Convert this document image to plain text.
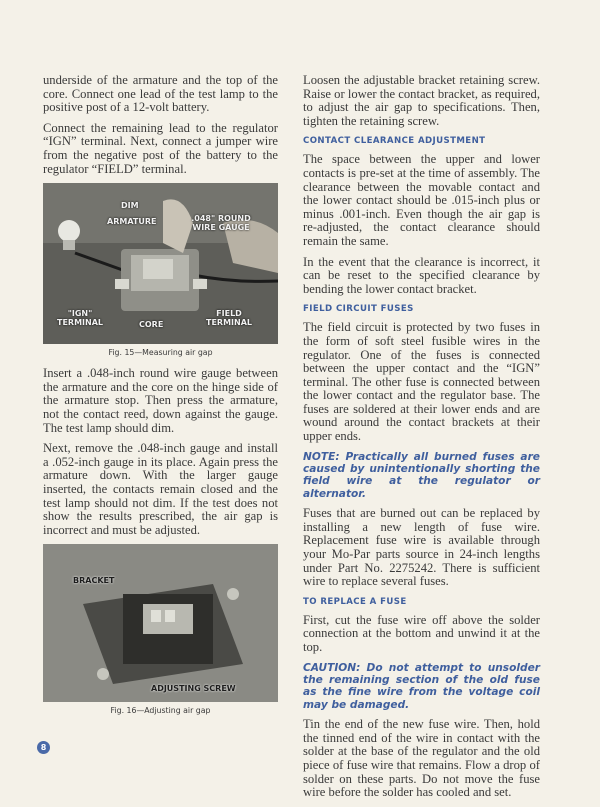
underside of the armature and the top of the core. Connect one lead of the test lamp to the positive post of a 12-volt battery.

Connect the remaining lead to the regulator “IGN” terminal. Next, connect a jumper wire from the negative post of the battery to the regulator “FIELD” terminal.

DIM
ARMATURE	.048" ROUND WIRE GAUGE
"IGN" TERMINAL	CORE
FIELD TERMINAL
Fig. 15—Measuring air gap

Insert a .048-inch round wire gauge between the armature and the core on the hinge side of the armature stop. Then press the armature, not the contact reed, down against the gauge. The test lamp should dim.

Next, remove the .048-inch gauge and install a .052-inch gauge in its place. Again press the armature down. With the larger gauge inserted, the contacts remain closed and the test lamp should not dim. If the test does not show the results prescribed, the air gap is incorrect and must be adjusted.

BRACKET
ADJUSTING SCREW
Fig. 16—Adjusting air gap

Loosen the adjustable bracket retaining screw. Raise or lower the contact bracket, as required, to adjust the air gap to specifications. Then, tighten the retaining screw.

CONTACT CLEARANCE ADJUSTMENT

The space between the upper and lower contacts is pre-set at the time of assembly. The clearance between the movable contact and the lower contact should be .015-inch plus or minus .001-inch. Even though the air gap is re-adjusted, the contact clearance should remain the same.

In the event that the clearance is incorrect, it can be reset to the specified clearance by bending the lower contact bracket.

FIELD CIRCUIT FUSES

The field circuit is protected by two fuses in the form of soft steel fusible wires in the regulator. One of the fuses is connected between the upper contact and the “IGN” terminal. The other fuse is connected between the lower contact and the regulator base. The fuses are soldered at their lower ends and are wound around the contact brackets at their upper ends.

NOTE: Practically all burned fuses are caused by unintentionally shorting the field wire at the regulator or alternator.

Fuses that are burned out can be replaced by installing a new length of fuse wire. Replacement fuse wire is available through your Mo-Par parts source in 24-inch lengths under Part No. 2275242. There is sufficient wire to replace several fuses.

TO REPLACE A FUSE

First, cut the fuse wire off above the solder connection at the bottom and unwind it at the top.

CAUTION: Do not attempt to unsolder the remaining section of the old fuse as the fine wire from the voltage coil may be damaged.

Tin the end of the new fuse wire. Then, hold the tinned end of the wire in contact with the solder at the base of the regulator and the old piece of fuse wire that remains. Flow a drop of solder on these parts. Do not move the fuse wire before the solder has cooled and set.

8
